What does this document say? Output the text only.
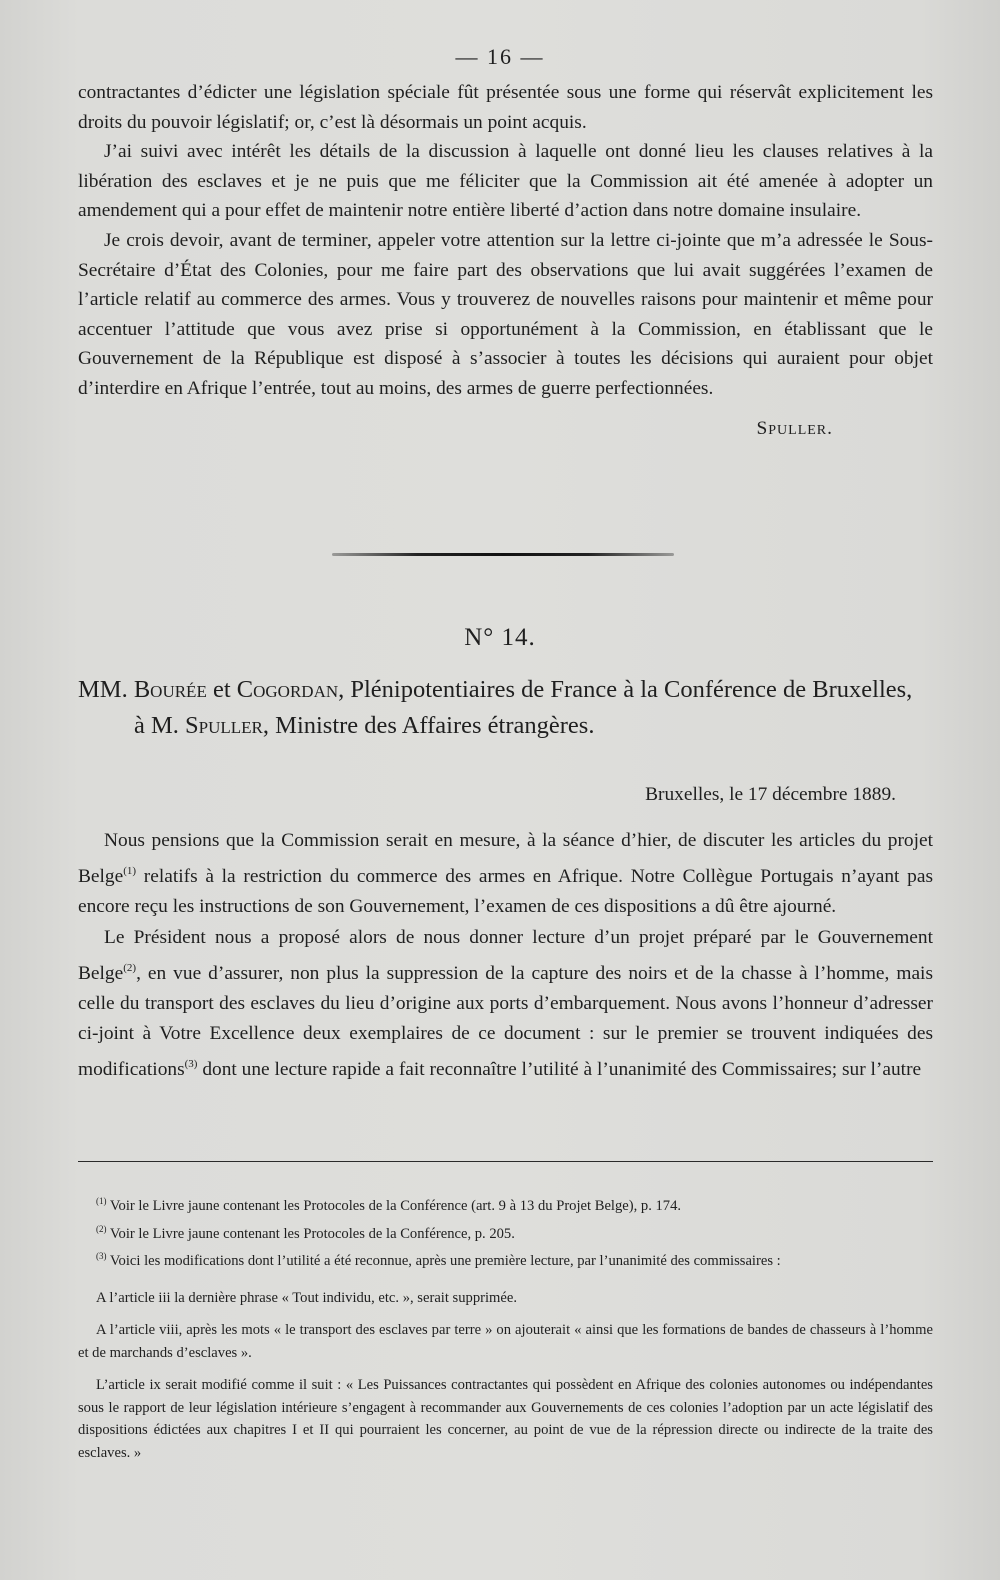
— 16 —

contractantes d’édicter une législation spéciale fût présentée sous une forme qui réservât explicitement les droits du pouvoir législatif; or, c’est là désormais un point acquis.

J’ai suivi avec intérêt les détails de la discussion à laquelle ont donné lieu les clauses relatives à la libération des esclaves et je ne puis que me féliciter que la Commission ait été amenée à adopter un amendement qui a pour effet de maintenir notre entière liberté d’action dans notre domaine insulaire.

Je crois devoir, avant de terminer, appeler votre attention sur la lettre ci-jointe que m’a adressée le Sous-Secrétaire d’État des Colonies, pour me faire part des observations que lui avait suggérées l’examen de l’article relatif au commerce des armes. Vous y trouverez de nouvelles raisons pour maintenir et même pour accentuer l’attitude que vous avez prise si opportunément à la Commission, en établissant que le Gouvernement de la République est disposé à s’associer à toutes les décisions qui auraient pour objet d’interdire en Afrique l’entrée, tout au moins, des armes de guerre perfectionnées.

Spuller.

N° 14.
MM. Bourée et Cogordan, Plénipotentiaires de France à la Conférence de Bruxelles,
à M. Spuller, Ministre des Affaires étrangères.
Bruxelles, le 17 décembre 1889.

Nous pensions que la Commission serait en mesure, à la séance d’hier, de discuter les articles du projet Belge$^{(1)}$ relatifs à la restriction du commerce des armes en Afrique. Notre Collègue Portugais n’ayant pas encore reçu les instructions de son Gouvernement, l’examen de ces dispositions a dû être ajourné.

Le Président nous a proposé alors de nous donner lecture d’un projet préparé par le Gouvernement Belge$^{(2)}$, en vue d’assurer, non plus la suppression de la capture des noirs et de la chasse à l’homme, mais celle du transport des esclaves du lieu d’origine aux ports d’embarquement. Nous avons l’honneur d’adresser ci-joint à Votre Excellence deux exemplaires de ce document : sur le premier se trouvent indiquées des modifications$^{(3)}$ dont une lecture rapide a fait reconnaître l’utilité à l’unanimité des Commissaires; sur l’autre

$^{(1)}$ Voir le Livre jaune contenant les Protocoles de la Conférence (art. 9 à 13 du Projet Belge), p. 174.

$^{(2)}$ Voir le Livre jaune contenant les Protocoles de la Conférence, p. 205.

$^{(3)}$ Voici les modifications dont l’utilité a été reconnue, après une première lecture, par l’unanimité des commissaires :

A l’article iii la dernière phrase « Tout individu, etc. », serait supprimée.

A l’article viii, après les mots « le transport des esclaves par terre » on ajouterait « ainsi que les formations de bandes de chasseurs à l’homme et de marchands d’esclaves ».

L’article ix serait modifié comme il suit : « Les Puissances contractantes qui possèdent en Afrique des colonies autonomes ou indépendantes sous le rapport de leur législation intérieure s’engagent à recommander aux Gouvernements de ces colonies l’adoption par un acte législatif des dispositions édictées aux chapitres I et II qui pourraient les concerner, au point de vue de la répression directe ou indirecte de la traite des esclaves. »
